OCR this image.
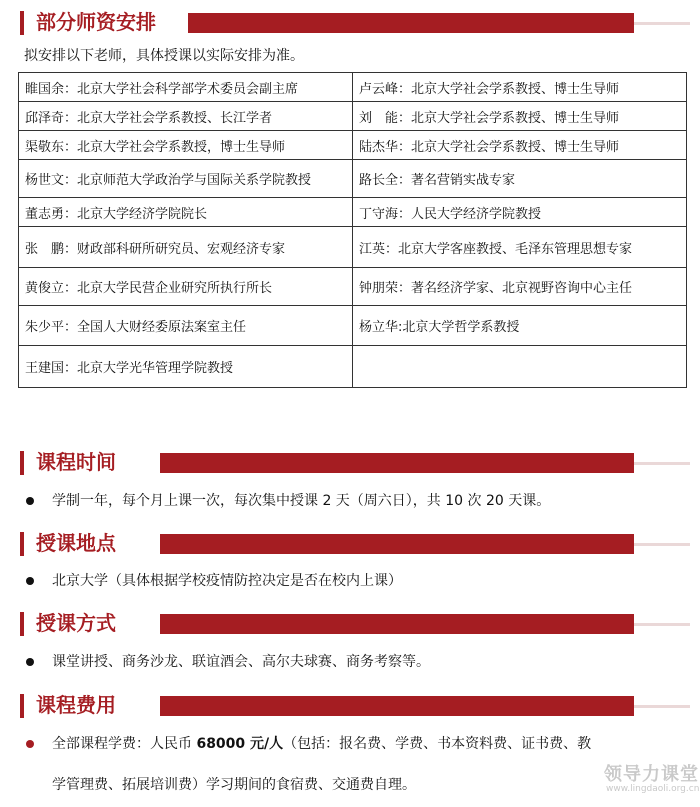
部分师资安排
拟安排以下老师，具体授课以实际安排为准。
睢国余：北京大学社会科学部学术委员会副主席	卢云峰：北京大学社会学系教授、博士生导师
邱泽奇：北京大学社会学系教授、长江学者	刘　能：北京大学社会学系教授、博士生导师
渠敬东：北京大学社会学系教授，博士生导师	陆杰华：北京大学社会学系教授、博士生导师
杨世文：北京师范大学政治学与国际关系学院教授	路长全：著名营销实战专家
董志勇：北京大学经济学院院长	丁守海：人民大学经济学院教授
张　鹏：财政部科研所研究员、宏观经济专家	江英：北京大学客座教授、毛泽东管理思想专家
黄俊立：北京大学民营企业研究所执行所长	钟朋荣：著名经济学家、北京视野咨询中心主任
朱少平：全国人大财经委原法案室主任	杨立华:北京大学哲学系教授
王建国：北京大学光华管理学院教授	
课程时间
学制一年，每个月上课一次，每次集中授课 2 天（周六日），共 10 次 20 天课。
授课地点
北京大学（具体根据学校疫情防控决定是否在校内上课）
授课方式
课堂讲授、商务沙龙、联谊酒会、高尔夫球赛、商务考察等。
课程费用
全部课程学费：人民币 68000 元/人（包括：报名费、学费、书本资料费、证书费、教
学管理费、拓展培训费）学习期间的食宿费、交通费自理。	领导力课堂
www.lingdaoli.org.cn
